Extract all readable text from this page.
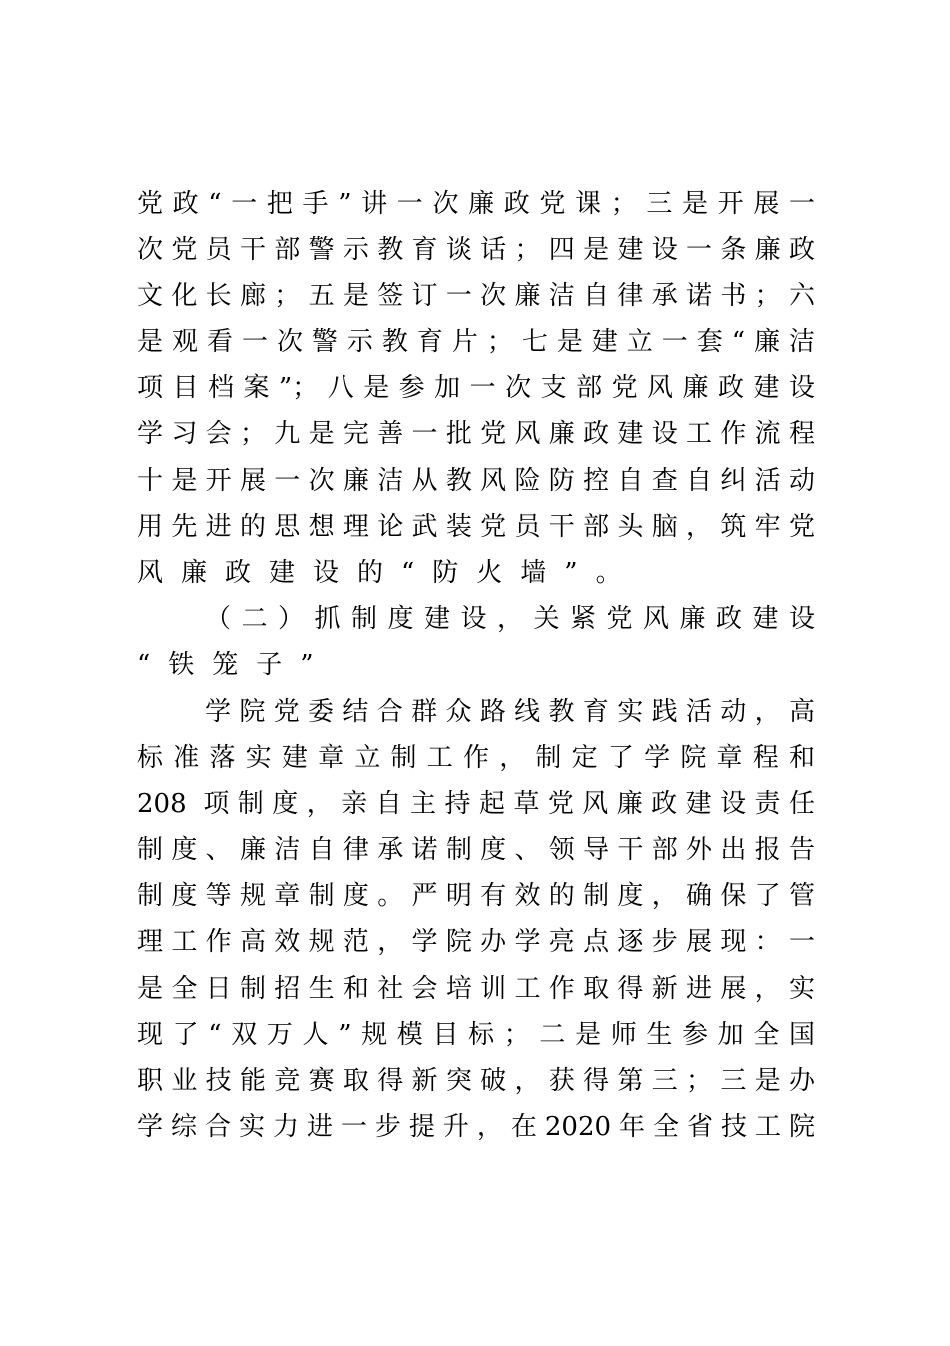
党政“一把手”讲一次廉政党课；三是开展一
次党员干部警示教育谈话；四是建设一条廉政
文化长廊；五是签订一次廉洁自律承诺书；六
是观看一次警示教育片；七是建立一套“廉洁
项目档案”；八是参加一次支部党风廉政建设
学习会；九是完善一批党风廉政建设工作流程
十是开展一次廉洁从教风险防控自查自纠活动
用先进的思想理论武装党员干部头脑，筑牢党
风廉政建设的“防火墙”。
（二）抓制度建设，关紧党风廉政建设
“铁笼子”
学院党委结合群众路线教育实践活动，高
标准落实建章立制工作，制定了学院章程和
208 项制度，亲自主持起草党风廉政建设责任
制度、廉洁自律承诺制度、领导干部外出报告
制度等规章制度。严明有效的制度，确保了管
理工作高效规范，学院办学亮点逐步展现：一
是全日制招生和社会培训工作取得新进展，实
现了“双万人”规模目标；二是师生参加全国
职业技能竞赛取得新突破，获得第三；三是办
学综合实力进一步提升，在2020年全省技工院
